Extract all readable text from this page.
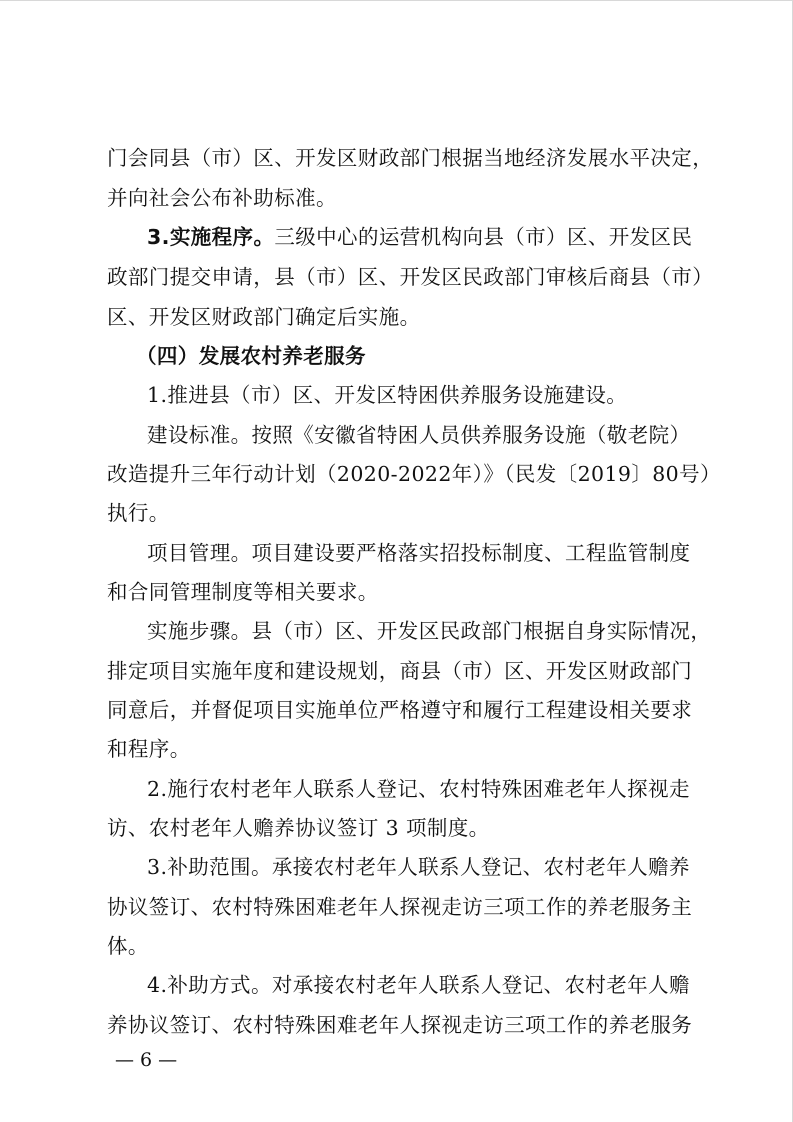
门会同县（市）区、开发区财政部门根据当地经济发展水平决定，
并向社会公布补助标准。
3.实施程序。三级中心的运营机构向县（市）区、开发区民
政部门提交申请，县（市）区、开发区民政部门审核后商县（市）
区、开发区财政部门确定后实施。
（四）发展农村养老服务
1.推进县（市）区、开发区特困供养服务设施建设。
建设标准。按照《安徽省特困人员供养服务设施（敬老院）
改造提升三年行动计划（2020-2022年）》（民发〔2019〕80号）
执行。
项目管理。项目建设要严格落实招投标制度、工程监管制度
和合同管理制度等相关要求。
实施步骤。县（市）区、开发区民政部门根据自身实际情况，
排定项目实施年度和建设规划，商县（市）区、开发区财政部门
同意后，并督促项目实施单位严格遵守和履行工程建设相关要求
和程序。
2.施行农村老年人联系人登记、农村特殊困难老年人探视走
访、农村老年人赡养协议签订 3 项制度。
3.补助范围。承接农村老年人联系人登记、农村老年人赡养
协议签订、农村特殊困难老年人探视走访三项工作的养老服务主
体。
4.补助方式。对承接农村老年人联系人登记、农村老年人赡
养协议签订、农村特殊困难老年人探视走访三项工作的养老服务
— 6 —
